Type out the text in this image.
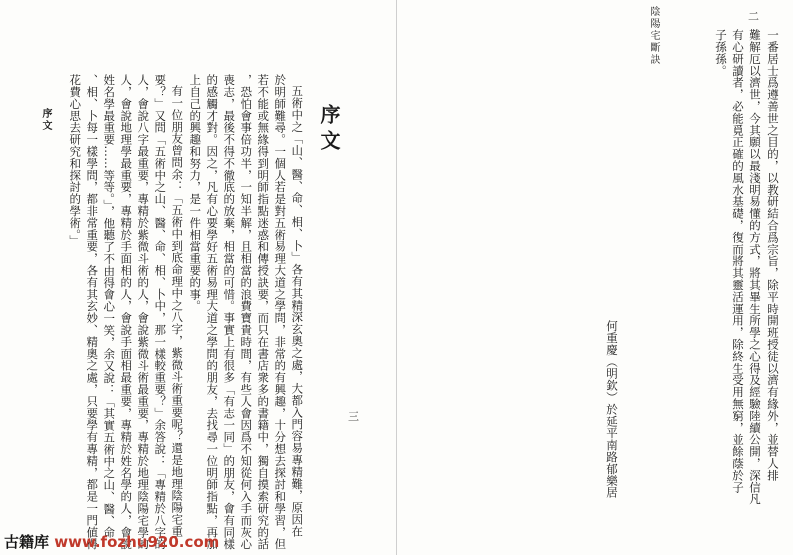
陰陽宅斷訣	二
一番居士爲遵善世之目的，以教研結合爲宗旨，除平時開班授徒以濟有緣外，並替人排
難解厄以濟世，今其願以最淺明易懂的方式，將其畢生所學之心得及經驗陸續公開，深信凡
有心研讀者，必能覓正確的風水基礎，復而將其靈活運用，除終生受用無窮，並餘蔭於子
子孫孫。
何重慶（明欽）於延平南路郁樂居
序文
五術中之「山、醫、命、相、卜」各有其精深玄奧之處，大都入門容易專精難，原因在
於明師難尋。一個人若是對五術易理大道之學問，非常的有興趣，十分想去探討和學習，但
若不能或無緣得到明師指點迷惑和傳授訣要，而只在書店衆多的書籍中，獨自摸索研究的話
，恐怕會事倍功半，一知半解，且相當的浪費寶貴時間，有些人會因爲不知從何入手而灰心
喪志，最後不得不徹底的放棄，相當的可惜。事實上有很多「有志一同」的朋友，會有同樣
的感觸才對。因之，凡有心要學好五術易理大道之學問的朋友，去找尋一位明師指點，再加
上自己的興趣和努力，是一件相當重要的事。
有一位朋友曾問余：「五術中到底命理中之八字，紫微斗術重要呢？還是地理陰陽宅重
要？」又問「五術中之山、醫、命、相、卜中，那一樣較重要？」余答說：「專精於八字的
人，會說八字最重要，專精於紫微斗術的人，會說紫微斗術最重要，專精於地理陰陽宅學的
人，會說地理學最重要，專精於手面相的人，會說手面相最重要，專精於姓名學的人，會說
姓名學最重要……等等。」，他聽了不由得會心一笑，余又說：「其實五術中之山、醫、命
、相、卜每一樣學問，都非常重要，各有其玄妙、精奧之處，只要學有專精，都是一門値得
花費心思去研究和探討的學術。」
序文
三
古籍库 www.fozhu920.com
